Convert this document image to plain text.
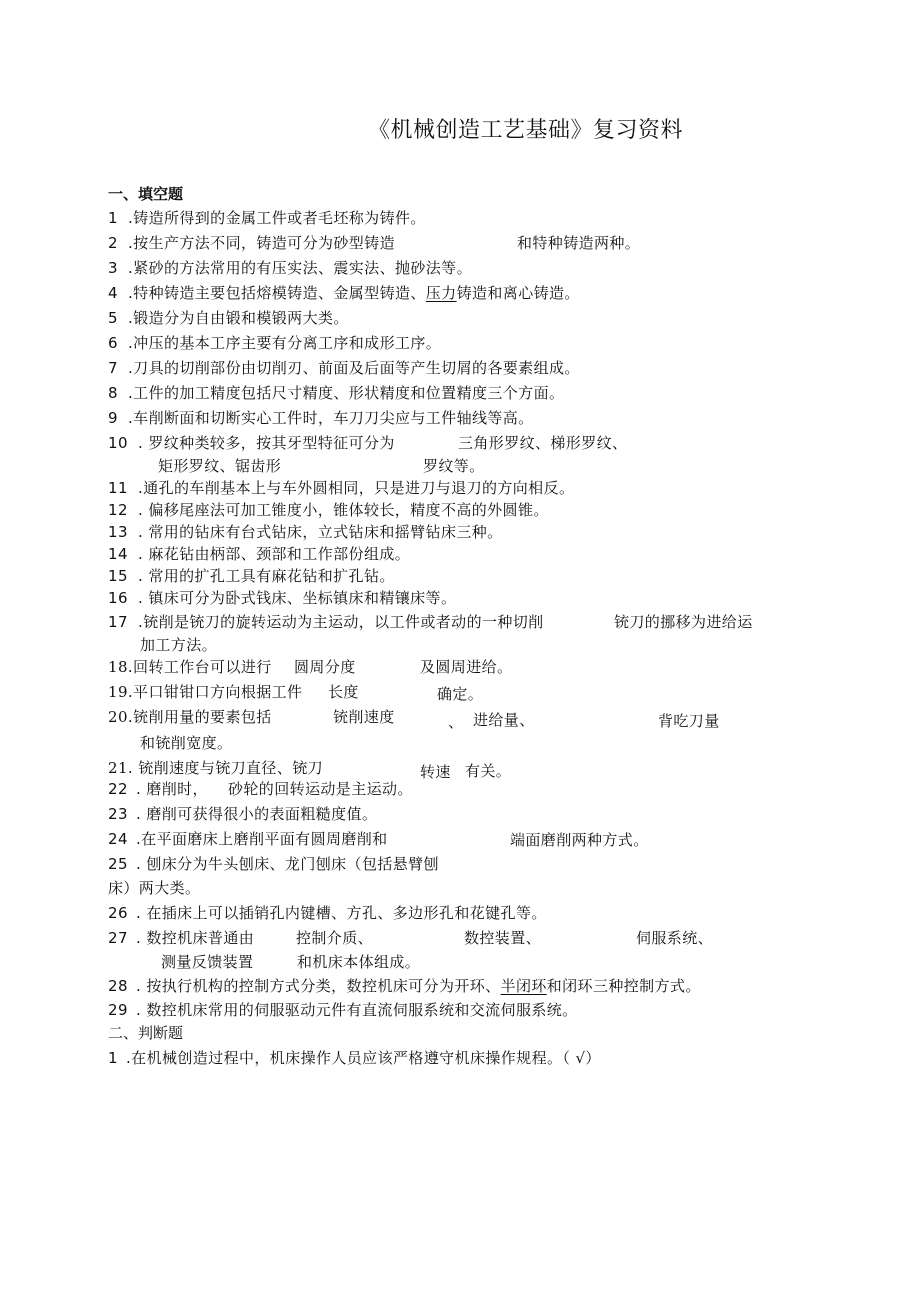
《机械创造工艺基础》复习资料
一、填空题
1 .铸造所得到的金属工件或者毛坯称为铸件。
2 .按生产方法不同，铸造可分为砂型铸造	和特种铸造两种。
3 .紧砂的方法常用的有压实法、震实法、抛砂法等。
4 .特种铸造主要包括熔模铸造、金属型铸造、压力铸造和离心铸造。
5 .锻造分为自由锻和模锻两大类。
6 .冲压的基本工序主要有分离工序和成形工序。
7 .刀具的切削部份由切削刃、前面及后面等产生切屑的各要素组成。
8 .工件的加工精度包括尺寸精度、形状精度和位置精度三个方面。
9 .车削断面和切断实心工件时，车刀刀尖应与工件轴线等高。
10 . 罗纹种类较多，按其牙型特征可分为	三角形罗纹、梯形罗纹、
矩形罗纹、锯齿形	罗纹等。
11 .通孔的车削基本上与车外圆相同，只是进刀与退刀的方向相反。
12 . 偏移尾座法可加工锥度小，锥体较长，精度不高的外圆锥。
13 . 常用的钻床有台式钻床，立式钻床和摇臂钻床三种。
14 . 麻花钻由柄部、颈部和工作部份组成。
15 . 常用的扩孔工具有麻花钻和扩孔钻。
16 . 镇床可分为卧式钱床、坐标镇床和精镶床等。
17 .铳削是铳刀的旋转运动为主运动，以工件或者动的一种切削	铳刀的挪移为进给运
加工方法。
18.回转工作台可以进行 圆周分度	及圆周进给。
19.平口钳钳口方向根据工件 长度	确定。
20.铳削用量的要素包括	铳削速度	、 进给量、	背吃刀量
和铳削宽度。
21. 铳削速度与铳刀直径、铳刀	转速 有关。
22 . 磨削时， 砂轮的回转运动是主运动。
23 . 磨削可获得很小的表面粗糙度值。
24 .在平面磨床上磨削平面有圆周磨削和	端面磨削两种方式。
25 . 刨床分为牛头刨床、龙门刨床（包括悬臂刨
床）两大类。
26 . 在插床上可以插销孔内键槽、方孔、多边形孔和花键孔等。
27 . 数控机床普通由	控制介质、	数控装置、	伺服系统、
测量反馈装置	和机床本体组成。
28 . 按执行机构的控制方式分类，数控机床可分为开环、半闭环和闭环三种控制方式。
29 . 数控机床常用的伺服驱动元件有直流伺服系统和交流伺服系统。
二、判断题
1 .在机械创造过程中，机床操作人员应该严格遵守机床操作规程。（ √）
